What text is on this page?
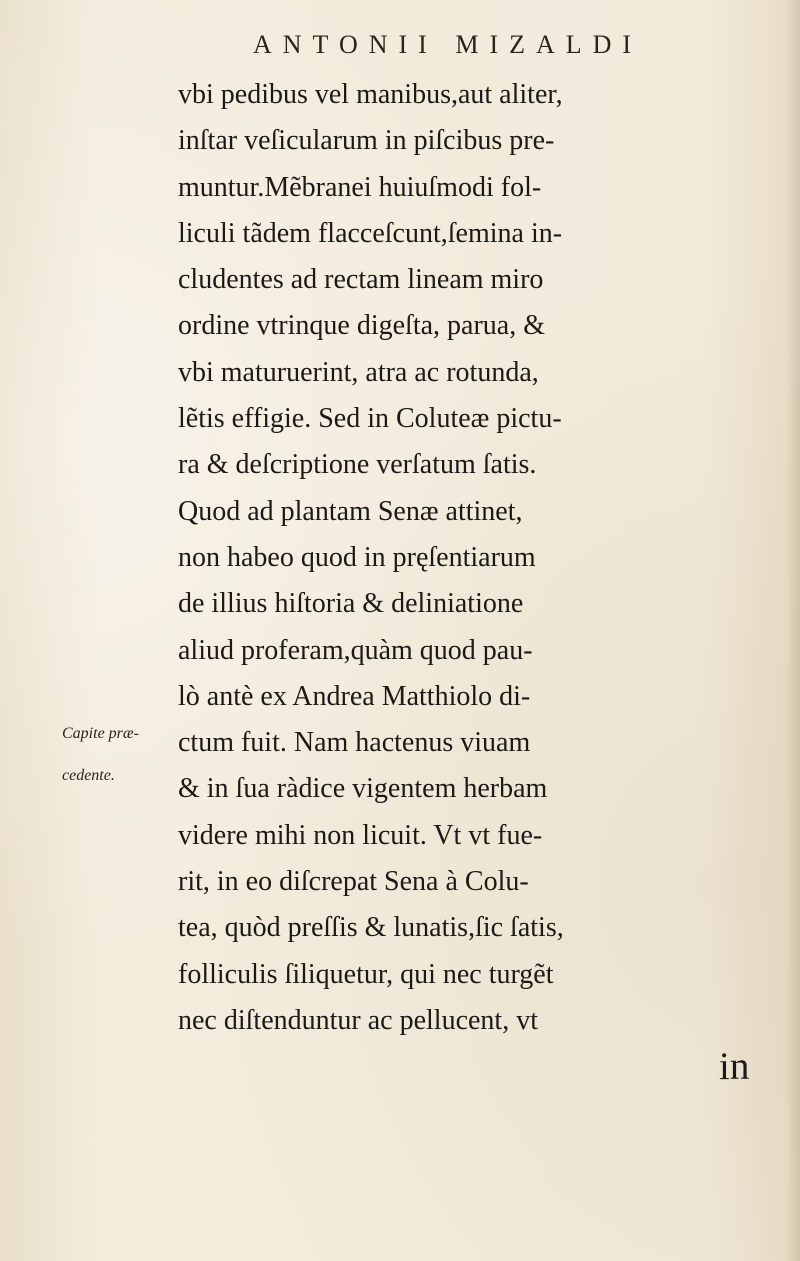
ANTONII MIZALDI
Capite præ-
cedente.
vbi pedibus vel manibus,aut aliter,
inſtar veſicularum in piſcibus pre-
muntur.Mẽbranei huiuſmodi fol-
liculi tãdem flacceſcunt,ſemina in-
cludentes ad rectam lineam miro
ordine vtrinque digeſta, parua, &
vbi maturuerint, atra ac rotunda,
lẽtis effigie. Sed in Coluteæ pictu-
ra & deſcriptione verſatum ſatis.
Quod ad plantam Senæ attinet,
non habeo quod in pręſentiarum
de illius hiſtoria & deliniatione
aliud proferam,quàm quod pau-
lò antè ex Andrea Matthiolo di-
ctum fuit. Nam hactenus viuam
& in ſua ràdice vigentem herbam
videre mihi non licuit. Vt vt fue-
rit, in eo diſcrepat Sena à Colu-
tea, quòd preſſis & lunatis,ſic ſatis,
folliculis ſiliquetur, qui nec turgẽt
nec diſtenduntur ac pellucent, vt
in
